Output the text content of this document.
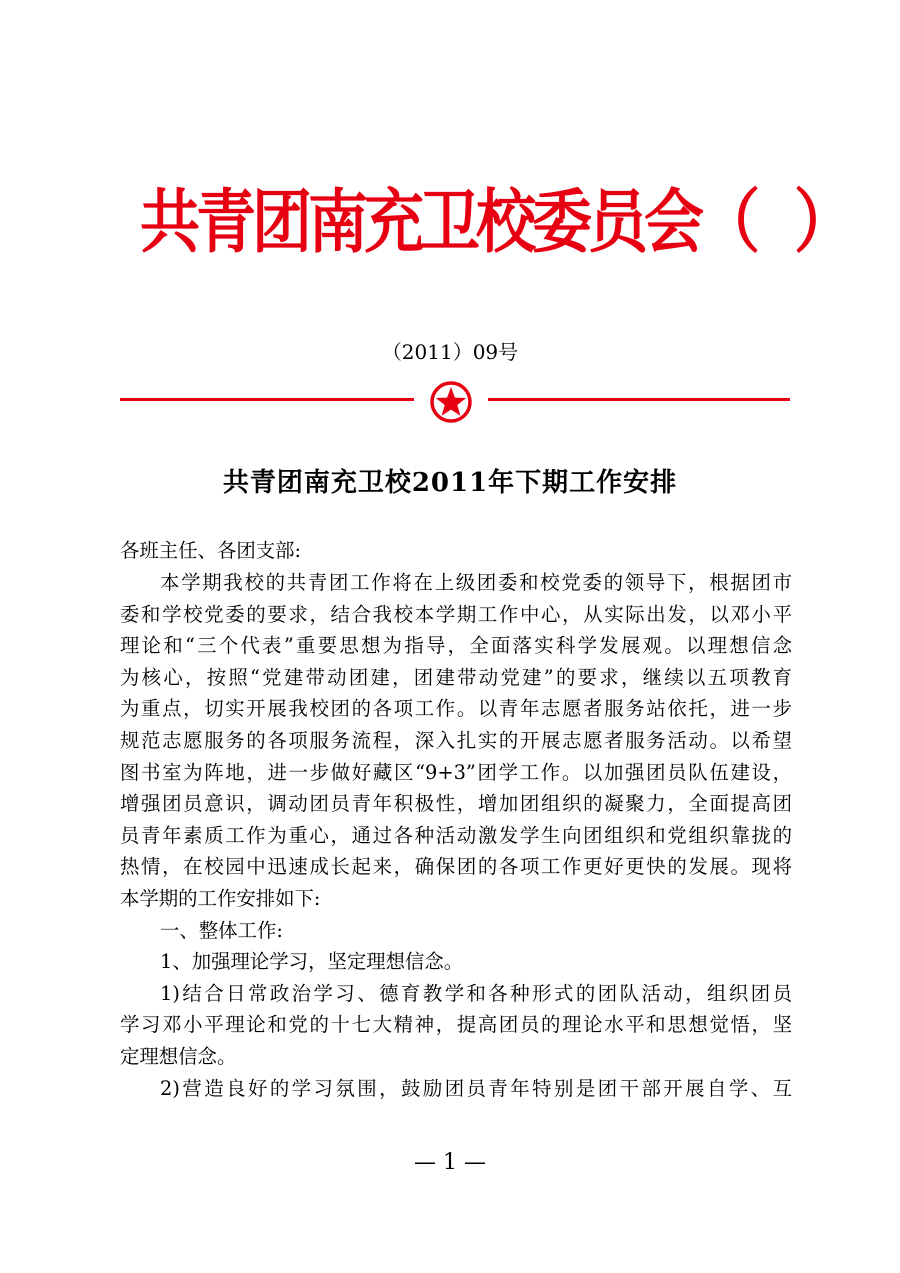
共青团南充卫校委员会（ ）
（2011）09号
共青团南充卫校2011年下期工作安排
各班主任、各团支部:
本学期我校的共青团工作将在上级团委和校党委的领导下，根据团市
委和学校党委的要求，结合我校本学期工作中心，从实际出发，以邓小平
理论和“三个代表”重要思想为指导，全面落实科学发展观。以理想信念
为核心，按照“党建带动团建，团建带动党建”的要求，继续以五项教育
为重点，切实开展我校团的各项工作。以青年志愿者服务站依托，进一步
规范志愿服务的各项服务流程，深入扎实的开展志愿者服务活动。以希望
图书室为阵地，进一步做好藏区“9+3”团学工作。以加强团员队伍建设，
增强团员意识，调动团员青年积极性，增加团组织的凝聚力，全面提高团
员青年素质工作为重心，通过各种活动激发学生向团组织和党组织靠拢的
热情，在校园中迅速成长起来，确保团的各项工作更好更快的发展。现将
本学期的工作安排如下:
一、整体工作:
1、加强理论学习，坚定理想信念。
1)结合日常政治学习、德育教学和各种形式的团队活动，组织团员
学习邓小平理论和党的十七大精神，提高团员的理论水平和思想觉悟，坚
定理想信念。
2)营造良好的学习氛围，鼓励团员青年特别是团干部开展自学、互
— 1 —
